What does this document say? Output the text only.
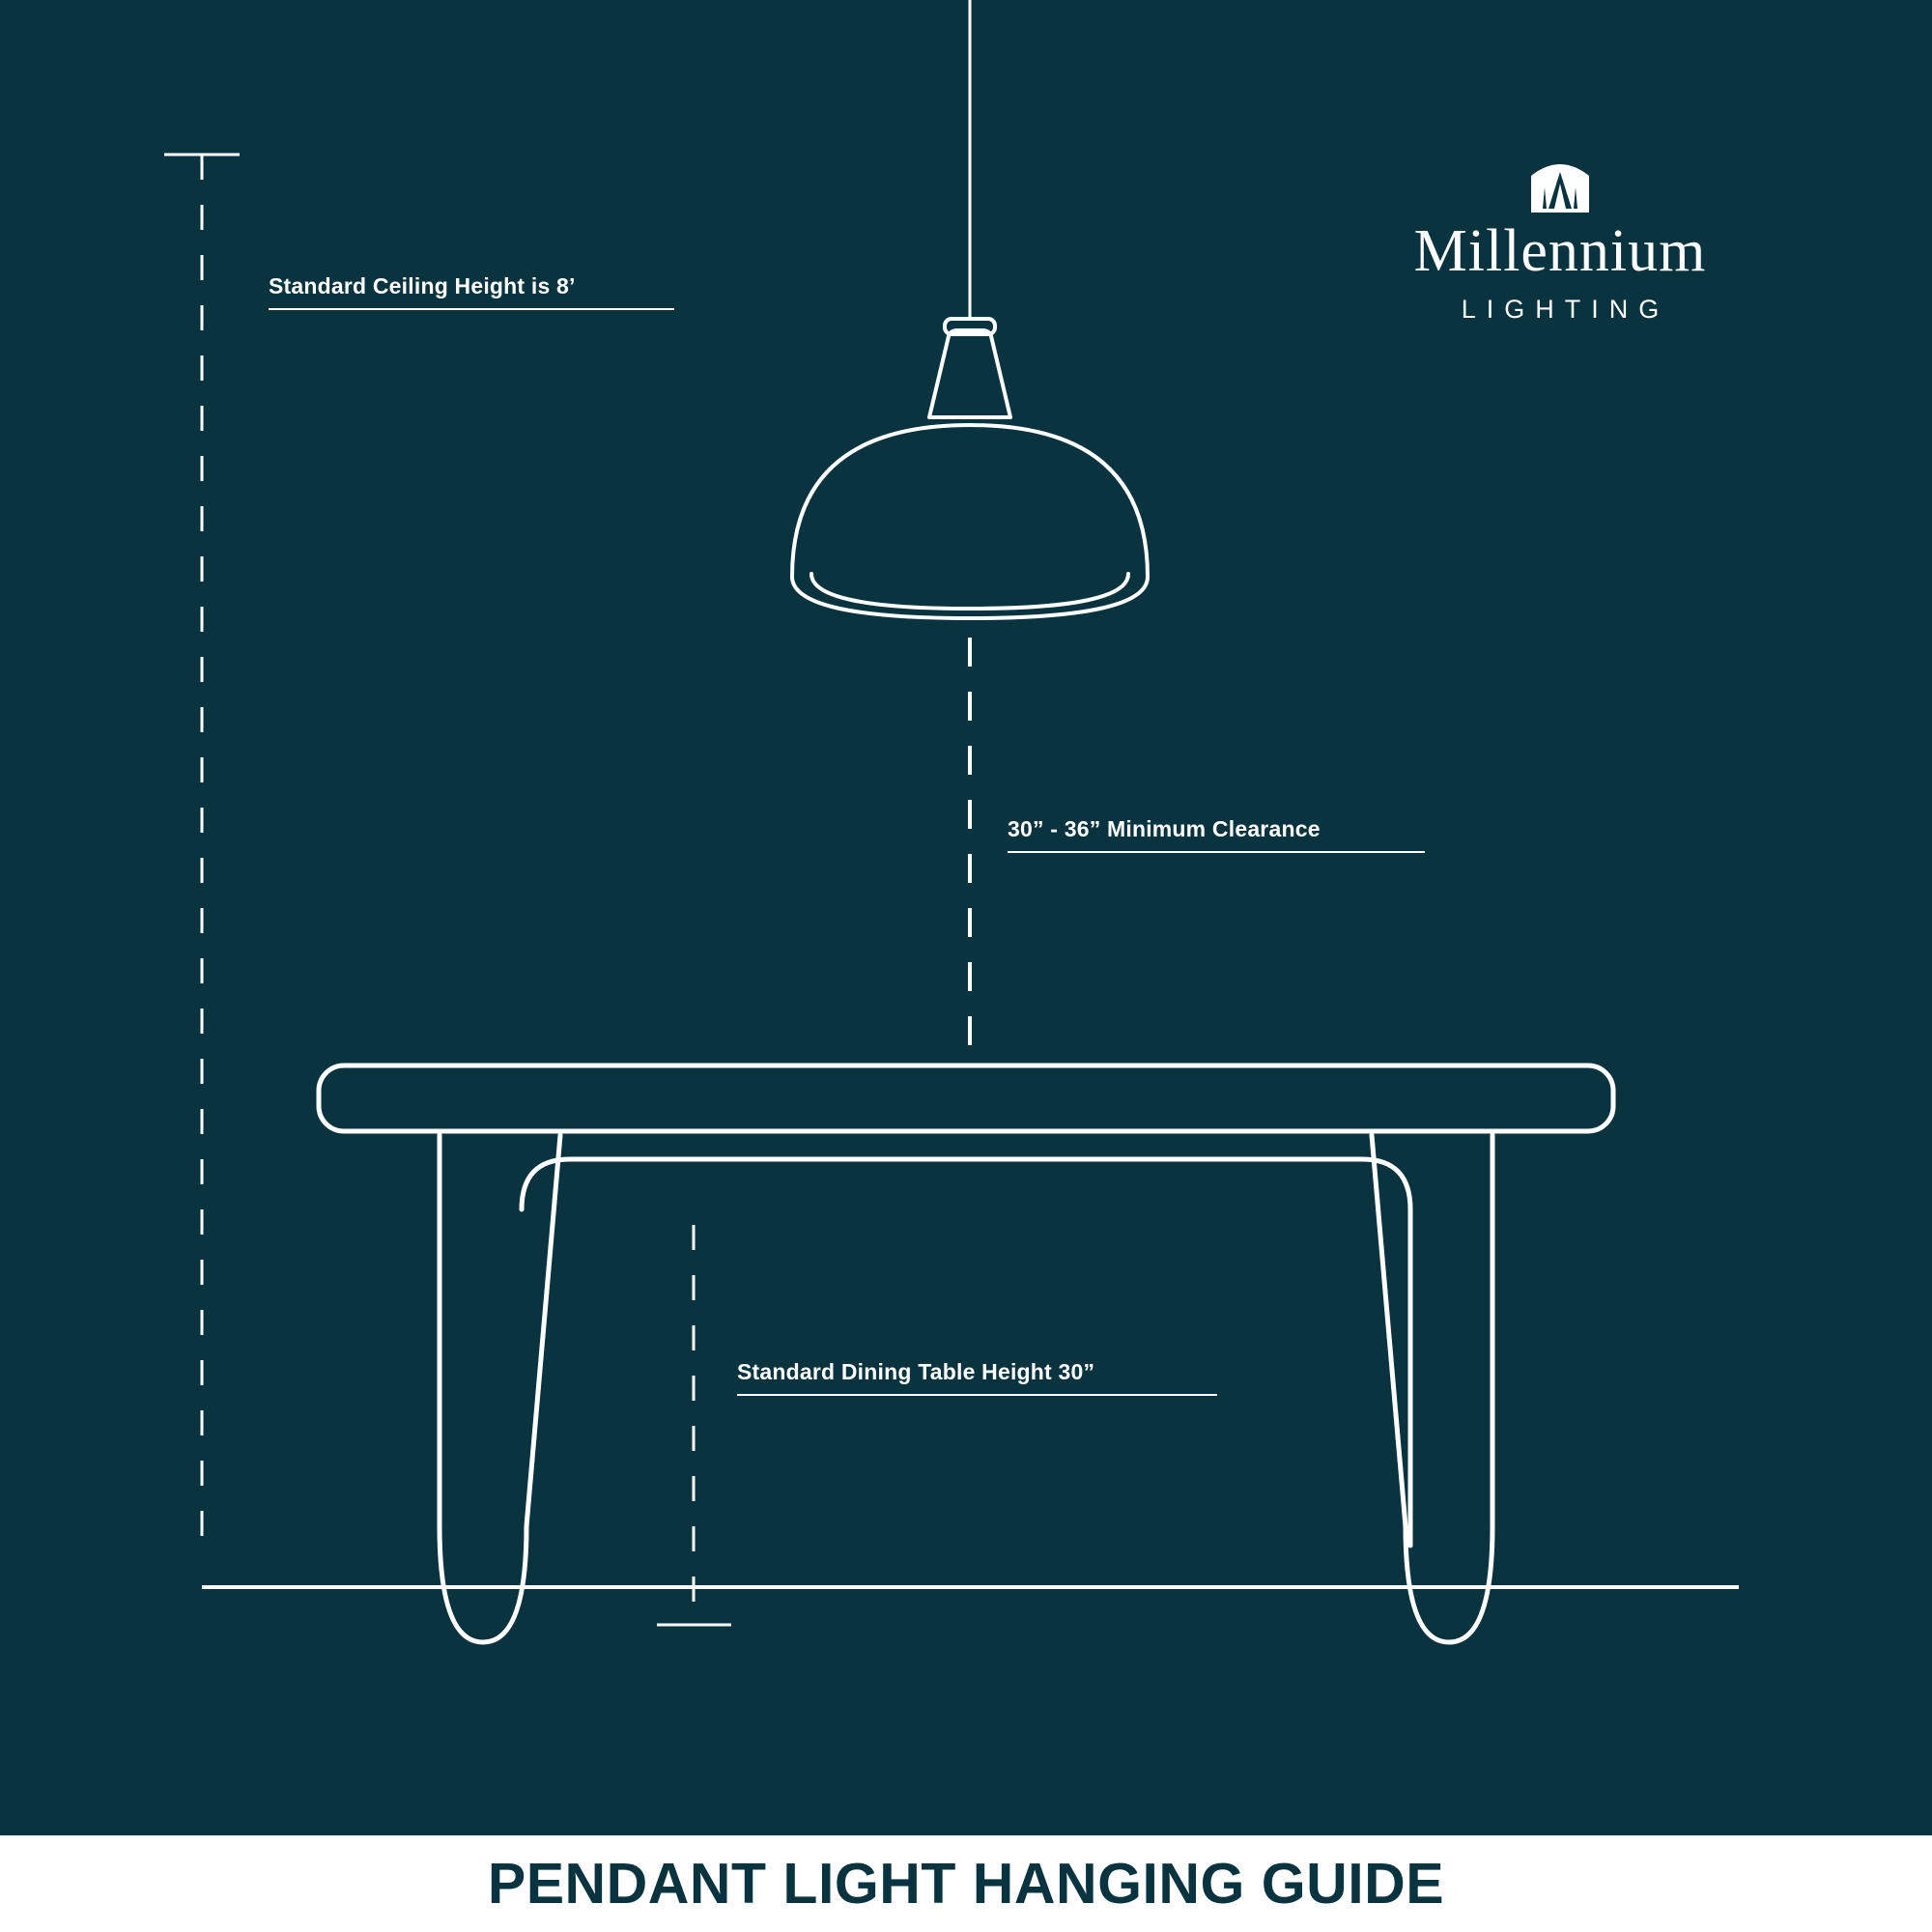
Millennium
LIGHTING
Standard Ceiling Height is 8’
30” - 36” Minimum Clearance
Standard Dining Table Height 30”
PENDANT LIGHT HANGING GUIDE
